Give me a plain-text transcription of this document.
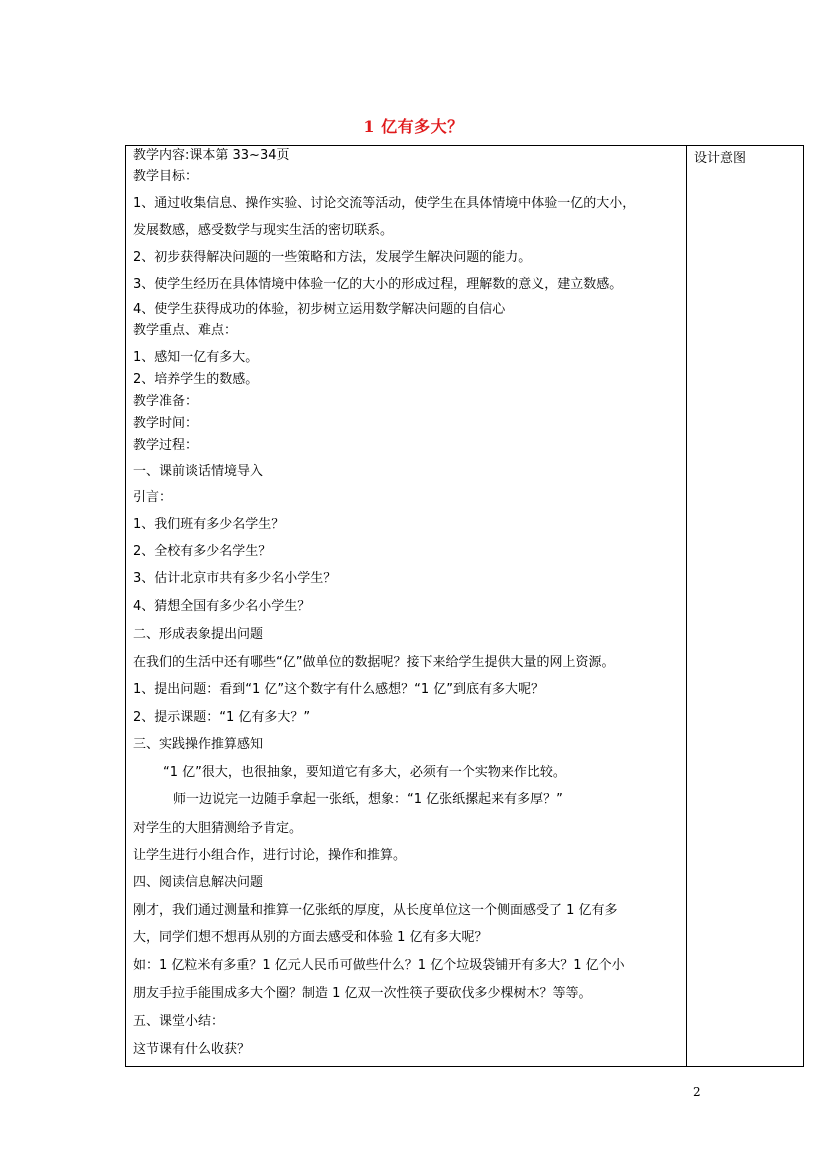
1 亿有多大？
设计意图
教学内容:课本第 33~34页
教学目标：
1、通过收集信息、操作实验、讨论交流等活动，使学生在具体情境中体验一亿的大小，
发展数感，感受数学与现实生活的密切联系。
2、初步获得解决问题的一些策略和方法，发展学生解决问题的能力。
3、使学生经历在具体情境中体验一亿的大小的形成过程，理解数的意义，建立数感。
4、使学生获得成功的体验，初步树立运用数学解决问题的自信心
教学重点、难点：
1、感知一亿有多大。
2、培养学生的数感。
教学准备：
教学时间：
教学过程：
一、课前谈话情境导入
引言：
1、我们班有多少名学生？
2、全校有多少名学生？
3、估计北京市共有多少名小学生？
4、猜想全国有多少名小学生？
二、形成表象提出问题
在我们的生活中还有哪些“亿”做单位的数据呢？接下来给学生提供大量的网上资源。
1、提出问题：看到“1 亿”这个数字有什么感想？“1 亿”到底有多大呢？
2、提示课题：“1 亿有多大？”
三、实践操作推算感知
“1 亿”很大，也很抽象，要知道它有多大，必须有一个实物来作比较。
师一边说完一边随手拿起一张纸，想象：“1 亿张纸摞起来有多厚？”
对学生的大胆猜测给予肯定。
让学生进行小组合作，进行讨论，操作和推算。
四、阅读信息解决问题
刚才，我们通过测量和推算一亿张纸的厚度，从长度单位这一个侧面感受了 1 亿有多
大，同学们想不想再从别的方面去感受和体验 1 亿有多大呢？
如：1 亿粒米有多重？1 亿元人民币可做些什么？1 亿个垃圾袋铺开有多大？1 亿个小
朋友手拉手能围成多大个圈？制造 1 亿双一次性筷子要砍伐多少棵树木？等等。
五、课堂小结：
这节课有什么收获？
2
